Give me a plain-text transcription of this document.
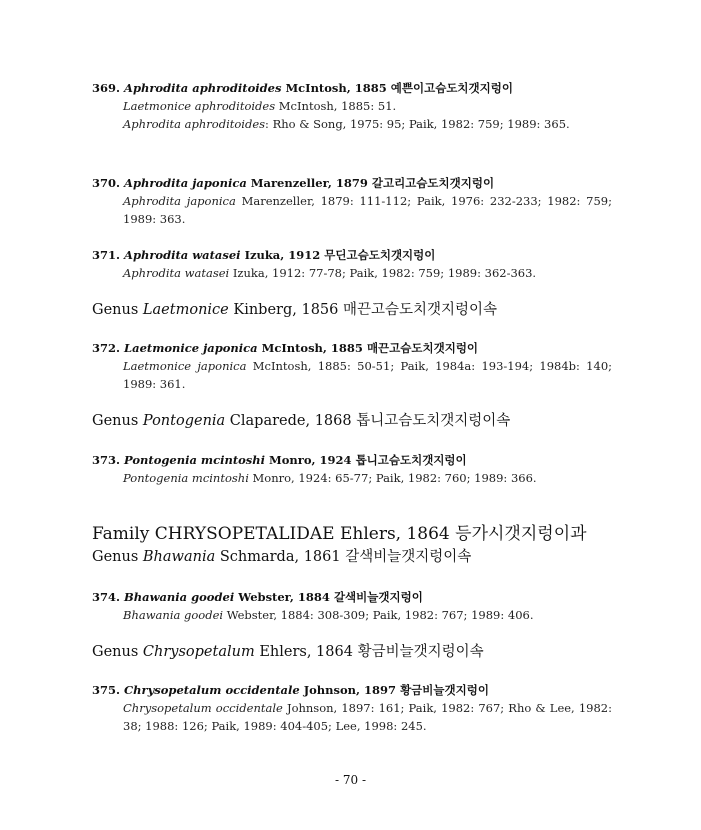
369. Aphrodita aphroditoides McIntosh, 1885 예쁜이고슴도치갯지렁이
Laetmonice aphroditoides McIntosh, 1885: 51.
Aphrodita aphroditoides: Rho & Song, 1975: 95; Paik, 1982: 759; 1989: 365.
370. Aphrodita japonica Marenzeller, 1879 갈고리고슴도치갯지렁이
Aphrodita japonica Marenzeller, 1879: 111-112; Paik, 1976: 232-233; 1982: 759; 1989: 363.
371. Aphrodita watasei Izuka, 1912 무딘고슴도치갯지렁이
Aphrodita watasei Izuka, 1912: 77-78; Paik, 1982: 759; 1989: 362-363.
Genus Laetmonice Kinberg, 1856 매끈고슴도치갯지렁이속
372. Laetmonice japonica McIntosh, 1885 매끈고슴도치갯지렁이
Laetmonice japonica McIntosh, 1885: 50-51; Paik, 1984a: 193-194; 1984b: 140; 1989: 361.
Genus Pontogenia Claparede, 1868 톱니고슴도치갯지렁이속
373. Pontogenia mcintoshi Monro, 1924 톱니고슴도치갯지렁이
Pontogenia mcintoshi Monro, 1924: 65-77; Paik, 1982: 760; 1989: 366.
Family CHRYSOPETALIDAE Ehlers, 1864 등가시갯지렁이과
Genus Bhawania Schmarda, 1861 갈색비늘갯지렁이속
374. Bhawania goodei Webster, 1884 갈색비늘갯지렁이
Bhawania goodei Webster, 1884: 308-309; Paik, 1982: 767; 1989: 406.
Genus Chrysopetalum Ehlers, 1864 황금비늘갯지렁이속
375. Chrysopetalum occidentale Johnson, 1897 황금비늘갯지렁이
Chrysopetalum occidentale Johnson, 1897: 161; Paik, 1982: 767; Rho & Lee, 1982: 38; 1988: 126; Paik, 1989: 404-405; Lee, 1998: 245.
- 70 -
